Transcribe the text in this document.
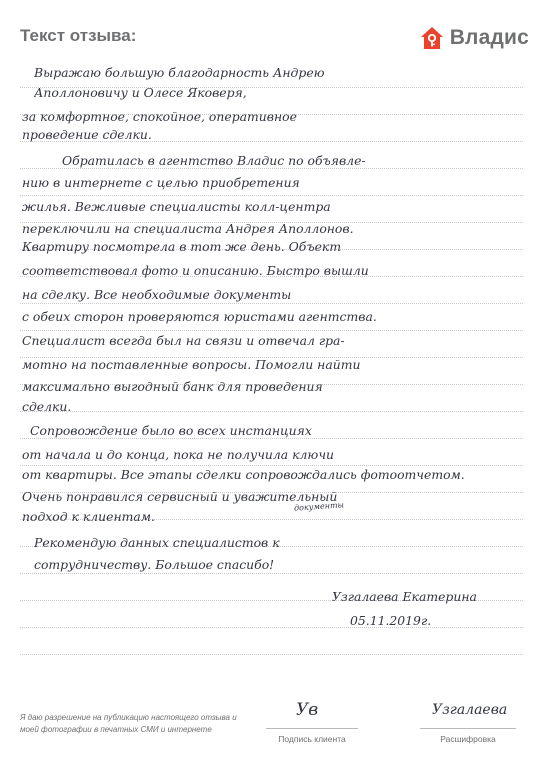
Текст отзыва:	Владис
Выражаю большую благодарность Андрею
Аполлоновичу и Олесе Яковеря,
за комфортное, спокойное, оперативное
проведение сделки.
Обратилась в агентство Владис по объявле-
нию в интернете с целью приобретения
жилья. Вежливые специалисты колл-центра
переключили на специалиста Андрея Аполлонов.
Квартиру посмотрела в тот же день. Объект
соответствовал фото и описанию. Быстро вышли
на сделку. Все необходимые документы
с обеих сторон проверяются юристами агентства.
Специалист всегда был на связи и отвечал гра-
мотно на поставленные вопросы. Помогли найти
максимально выгодный банк для проведения
сделки.
Сопровождение было во всех инстанциях
от начала и до конца, пока не получила ключи
от квартиры. Все этапы сделки сопровождались фотоотчетом.
Очень понравился сервисный и уважительный
подход к клиентам.
Рекомендую данных специалистов к
сотрудничеству. Большое спасибо!
Узгалаева Екатерина
05.11.2019г.
документы
Я даю разрешение на публикацию настоящего отзыва и моей фотографии в печатных СМИ и интернете
Ув
Подпись клиента
Узгалаева
Расшифровка
